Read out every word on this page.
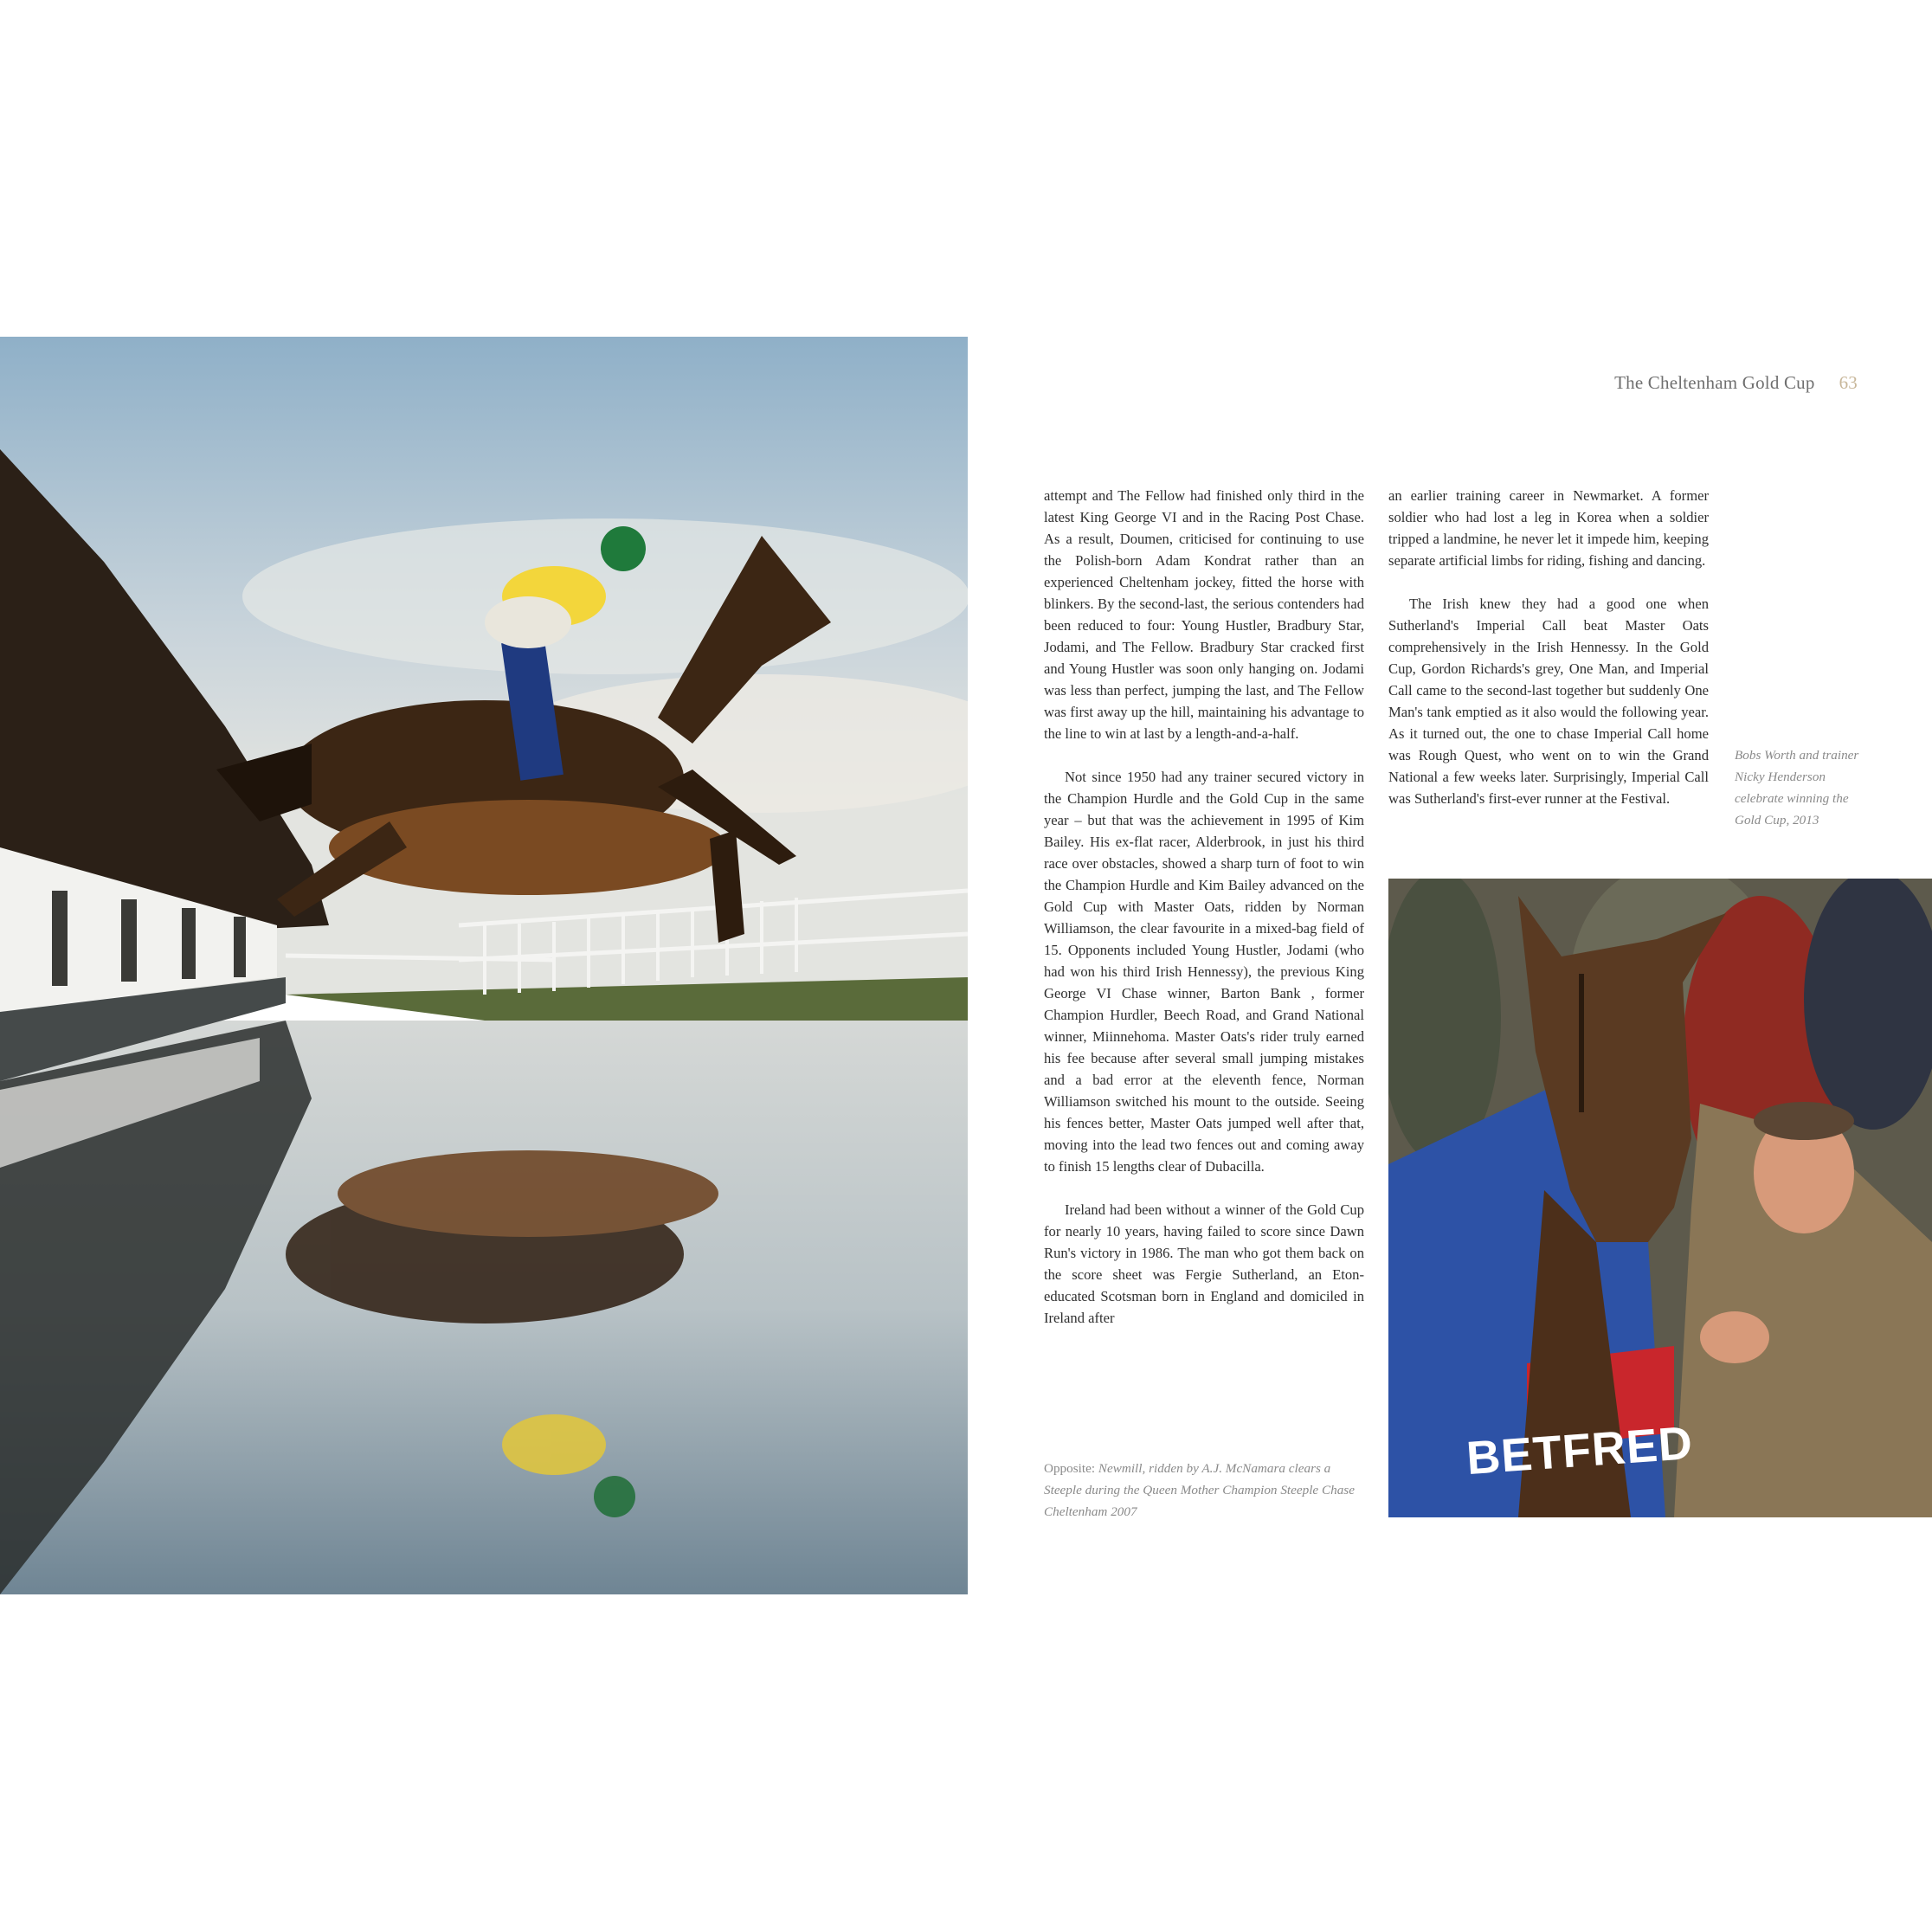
The Cheltenham Gold Cup 63

attempt and The Fellow had finished only third in the latest King George VI and in the Racing Post Chase. As a result, Doumen, criticised for continuing to use the Polish-born Adam Kondrat rather than an experienced Cheltenham jockey, fitted the horse with blinkers. By the second-last, the serious contenders had been reduced to four: Young Hustler, Bradbury Star, Jodami, and The Fellow. Bradbury Star cracked first and Young Hustler was soon only hanging on. Jodami was less than perfect, jumping the last, and The Fellow was first away up the hill, maintaining his advantage to the line to win at last by a length-and-a-half.

Not since 1950 had any trainer secured victory in the Champion Hurdle and the Gold Cup in the same year – but that was the achievement in 1995 of Kim Bailey. His ex-flat racer, Alderbrook, in just his third race over obstacles, showed a sharp turn of foot to win the Champion Hurdle and Kim Bailey advanced on the Gold Cup with Master Oats, ridden by Norman Williamson, the clear favourite in a mixed-bag field of 15. Opponents included Young Hustler, Jodami (who had won his third Irish Hennessy), the previous King George VI Chase winner, Barton Bank , former Champion Hurdler, Beech Road, and Grand National winner, Miinnehoma. Master Oats's rider truly earned his fee because after several small jumping mistakes and a bad error at the eleventh fence, Norman Williamson switched his mount to the outside. Seeing his fences better, Master Oats jumped well after that, moving into the lead two fences out and coming away to finish 15 lengths clear of Dubacilla.

Ireland had been without a winner of the Gold Cup for nearly 10 years, having failed to score since Dawn Run's victory in 1986. The man who got them back on the score sheet was Fergie Sutherland, an Eton-educated Scotsman born in England and domiciled in Ireland after

an earlier training career in Newmarket. A former soldier who had lost a leg in Korea when a soldier tripped a landmine, he never let it impede him, keeping separate artificial limbs for riding, fishing and dancing.

The Irish knew they had a good one when Sutherland's Imperial Call beat Master Oats comprehensively in the Irish Hennessy. In the Gold Cup, Gordon Richards's grey, One Man, and Imperial Call came to the second-last together but suddenly One Man's tank emptied as it also would the following year. As it turned out, the one to chase Imperial Call home was Rough Quest, who went on to win the Grand National a few weeks later. Surprisingly, Imperial Call was Sutherland's first-ever runner at the Festival.

Opposite: Newmill, ridden by A.J. McNamara clears a Steeple during the Queen Mother Champion Steeple Chase Cheltenham 2007
Bobs Worth and trainer Nicky Henderson celebrate winning the Gold Cup, 2013
BETFRED
